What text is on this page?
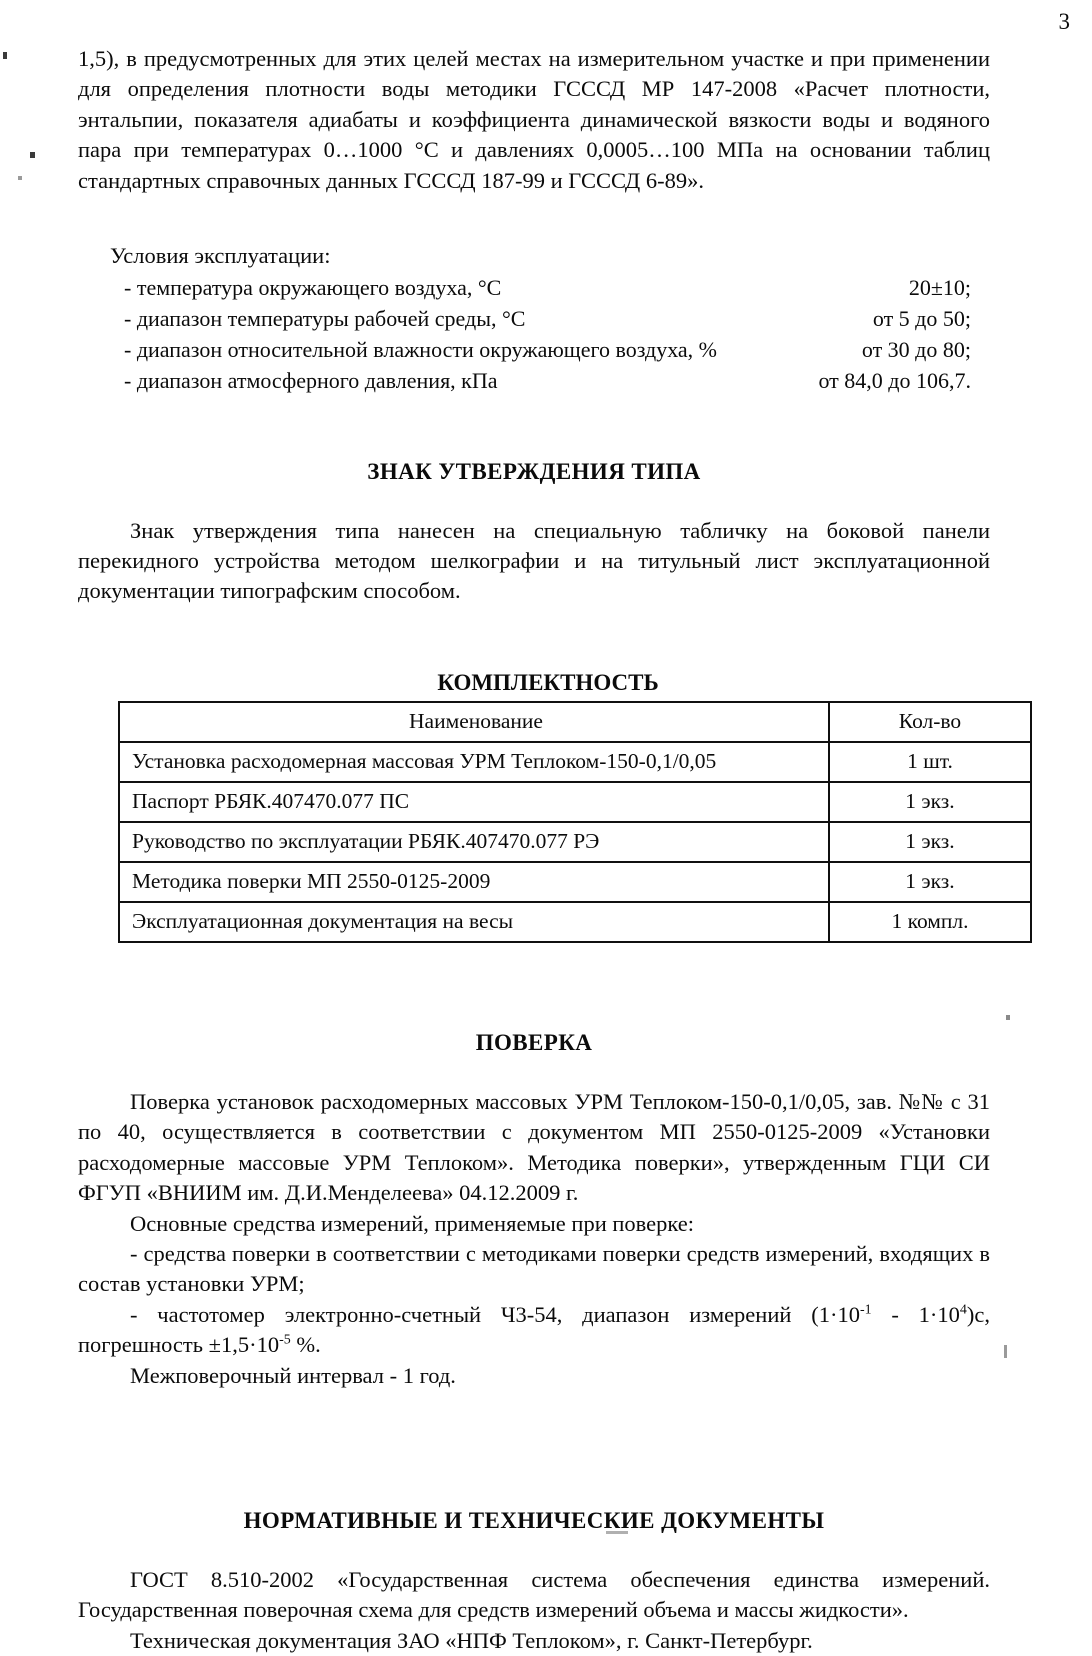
3

1,5), в предусмотренных для этих целей местах на измерительном участке и при применении для определения плотности воды методики ГСССД МР 147-2008 «Расчет плотности, энтальпии, показателя адиабаты и коэффициента динамической вязкости воды и водяного пара при температурах 0…1000 °С и давлениях 0,0005…100 МПа на основании таблиц стандартных справочных данных ГСССД 187-99 и ГСССД 6-89».

Условия эксплуатации:
- температура окружающего воздуха, °С	20±10;
- диапазон температуры рабочей среды, °С	от 5 до 50;
- диапазон относительной влажности окружающего воздуха, %	от 30 до 80;
- диапазон атмосферного давления, кПа	от 84,0 до 106,7.
ЗНАК УТВЕРЖДЕНИЯ ТИПА

Знак утверждения типа нанесен на специальную табличку на боковой панели перекидного устройства методом шелкографии и на титульный лист эксплуатационной документации типографским способом.

КОМПЛЕКТНОСТЬ
Наименование	Кол-во
Установка расходомерная массовая УРМ Теплоком-150-0,1/0,05	1 шт.
Паспорт РБЯК.407470.077 ПС	1 экз.
Руководство по эксплуатации РБЯК.407470.077 РЭ	1 экз.
Методика поверки МП 2550-0125-2009	1 экз.
Эксплуатационная документация на весы	1 компл.
ПОВЕРКА

Поверка установок расходомерных массовых УРМ Теплоком-150-0,1/0,05, зав. №№ с 31 по 40, осуществляется в соответствии с документом МП 2550-0125-2009 «Установки расходомерные массовые УРМ Теплоком». Методика поверки», утвержденным ГЦИ СИ ФГУП «ВНИИМ им. Д.И.Менделеева» 04.12.2009 г.

Основные средства измерений, применяемые при поверке:

- средства поверки в соответствии с методиками поверки средств измерений, входящих в состав установки УРМ;

- частотомер электронно-счетный Ч3-54, диапазон измерений $(1\cdot 10^{-1} - 1\cdot 10^4)с$, погрешность $\pm 1,5\cdot 10^{-5}$ %.

Межповерочный интервал - 1 год.

НОРМАТИВНЫЕ И ТЕХНИЧЕСКИЕ ДОКУМЕНТЫ

ГОСТ 8.510-2002 «Государственная система обеспечения единства измерений. Государственная поверочная схема для средств измерений объема и массы жидкости».

Техническая документация ЗАО «НПФ Теплоком», г. Санкт-Петербург.
